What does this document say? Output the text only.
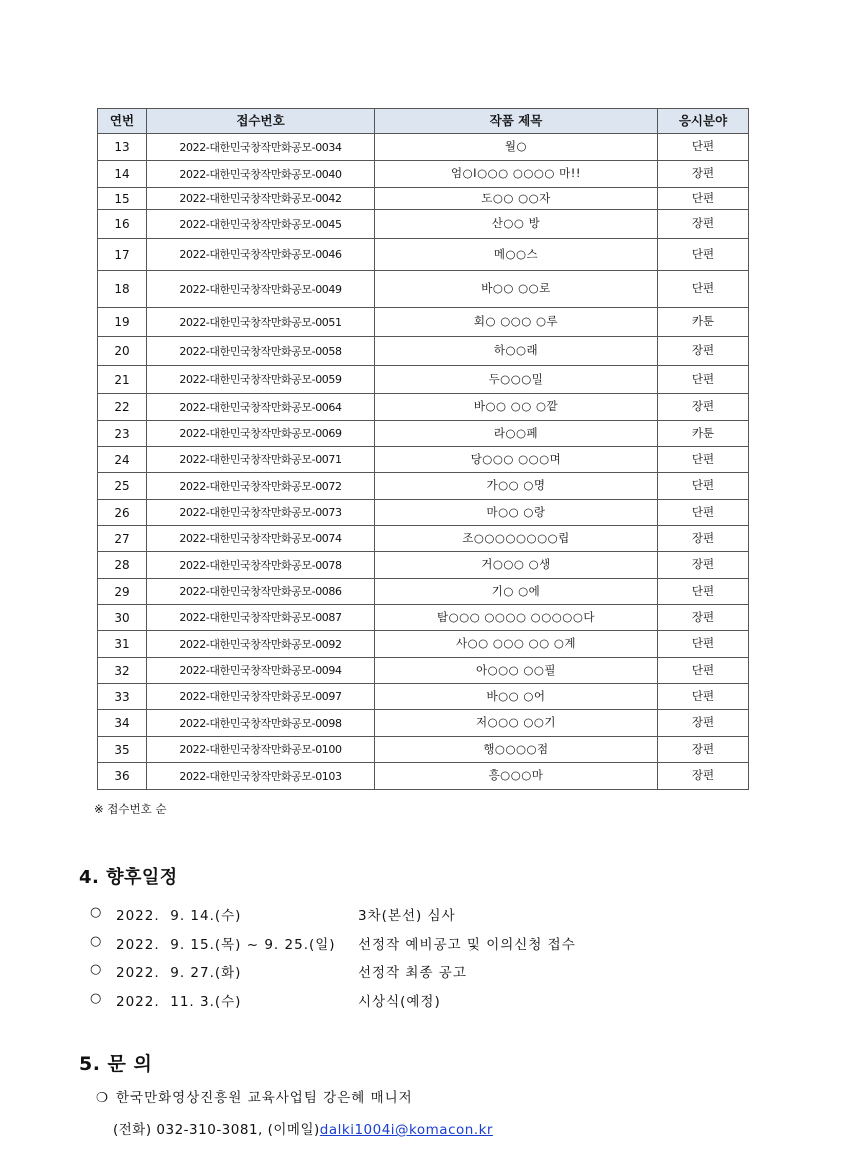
연번	접수번호	작품 제목	응시분야
13	2022-대한민국창작만화공모-0034	월○	단편
14	2022-대한민국창작만화공모-0040	엄○I○○○ ○○○○ 마!!	장편
15	2022-대한민국창작만화공모-0042	도○○ ○○자	단편
16	2022-대한민국창작만화공모-0045	산○○ 방	장편
17	2022-대한민국창작만화공모-0046	메○○스	단편
18	2022-대한민국창작만화공모-0049	바○○ ○○로	단편
19	2022-대한민국창작만화공모-0051	회○ ○○○ ○루	카툰
20	2022-대한민국창작만화공모-0058	하○○래	장편
21	2022-대한민국창작만화공모-0059	두○○○밀	단편
22	2022-대한민국창작만화공모-0064	바○○ ○○ ○깥	장편
23	2022-대한민국창작만화공모-0069	라○○페	카툰
24	2022-대한민국창작만화공모-0071	당○○○ ○○○며	단편
25	2022-대한민국창작만화공모-0072	가○○ ○명	단편
26	2022-대한민국창작만화공모-0073	마○○ ○랑	단편
27	2022-대한민국창작만화공모-0074	조○○○○○○○○립	장편
28	2022-대한민국창작만화공모-0078	거○○○ ○생	장편
29	2022-대한민국창작만화공모-0086	기○ ○에	단편
30	2022-대한민국창작만화공모-0087	탐○○○ ○○○○ ○○○○○다	장편
31	2022-대한민국창작만화공모-0092	사○○ ○○○ ○○ ○계	단편
32	2022-대한민국창작만화공모-0094	아○○○ ○○필	단편
33	2022-대한민국창작만화공모-0097	바○○ ○어	단편
34	2022-대한민국창작만화공모-0098	저○○○ ○○기	장편
35	2022-대한민국창작만화공모-0100	행○○○○점	장편
36	2022-대한민국창작만화공모-0103	흥○○○마	장편
※ 접수번호 순
4. 향후일정
○ 2022.  9. 14.(수)	3차(본선) 심사
○ 2022.  9. 15.(목) ~ 9. 25.(일) 선정작 예비공고 및 이의신청 접수
○ 2022.  9. 27.(화)	선정작 최종 공고
○ 2022.  11. 3.(수)	시상식(예정)
5. 문 의
❍ 한국만화영상진흥원 교육사업팀 강은혜 매니저
(전화) 032-310-3081, (이메일)dalki1004i@komacon.kr
